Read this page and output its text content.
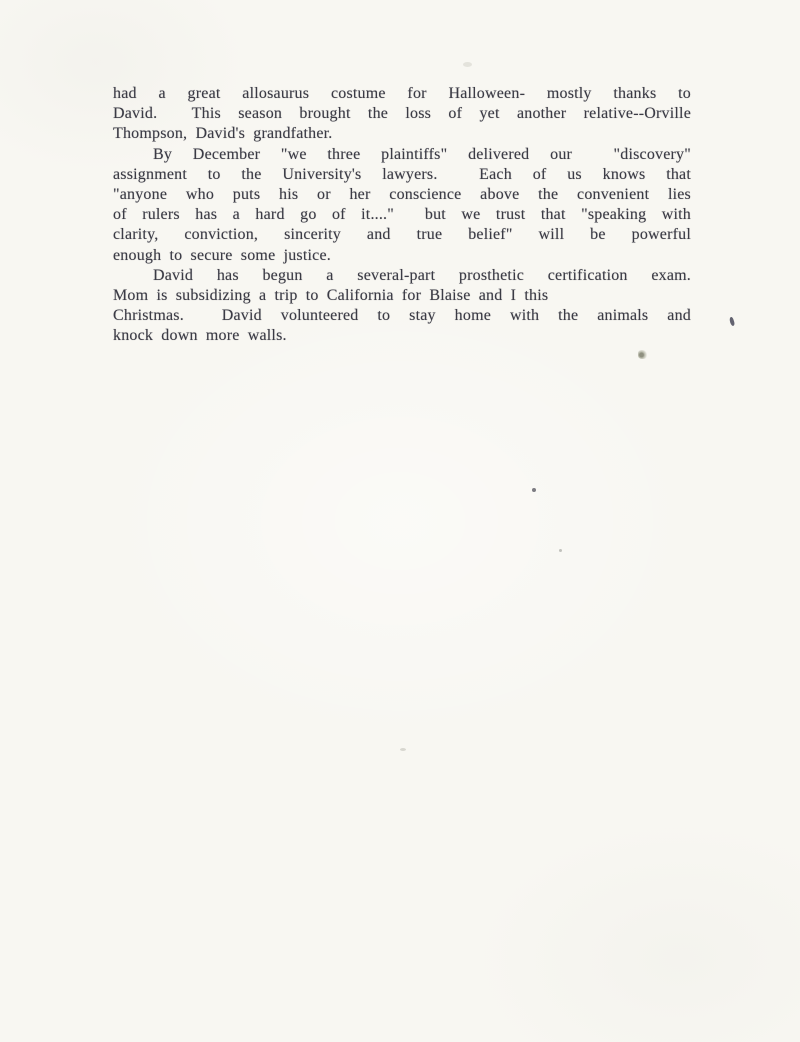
had a great allosaurus costume for Halloween- mostly thanks to
David.  This season brought the loss of yet another relative--Orville
Thompson, David's grandfather.
By December "we three plaintiffs" delivered our  "discovery"
assignment to the University's lawyers.  Each of us knows that
"anyone who puts his or her conscience above the convenient lies
of rulers has a hard go of it...."  but we trust that "speaking with
clarity, conviction, sincerity and true belief" will be powerful
enough to secure some justice.
David has begun a several-part prosthetic certification exam.
Mom is subsidizing a trip to California for Blaise and I this
Christmas.  David volunteered to stay home with the animals and
knock down more walls.
